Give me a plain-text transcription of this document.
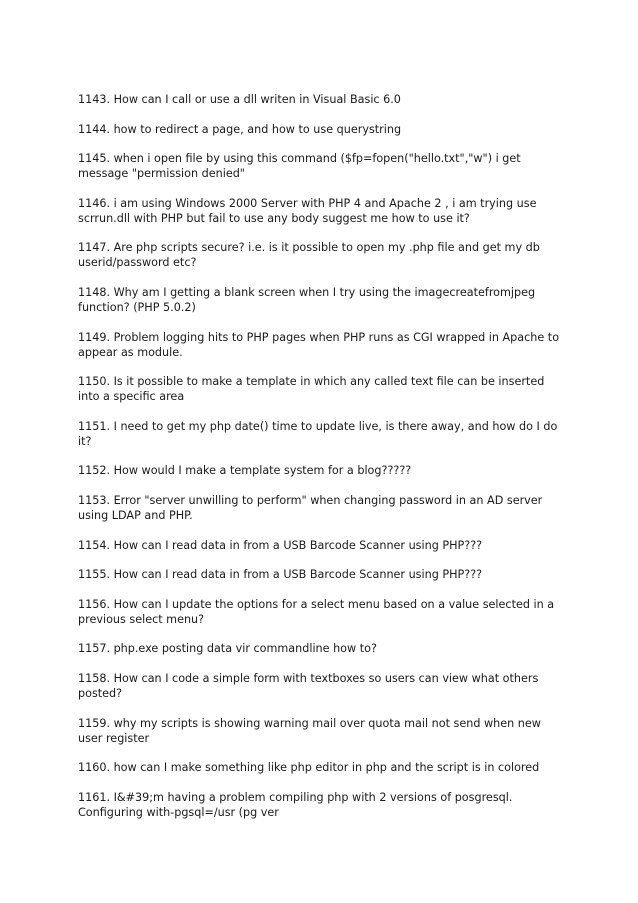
1143. How can I call or use a dll writen in Visual Basic 6.0
1144. how to redirect a page, and how to use querystring
1145. when i open file by using this command ($fp=fopen("hello.txt","w") i get message "permission denied"
1146. i am using Windows 2000 Server with PHP 4 and Apache 2 , i am trying use scrrun.dll with PHP but fail to use any body suggest me how to use it?
1147. Are php scripts secure? i.e. is it possible to open my .php file and get my db userid/password etc?
1148. Why am I getting a blank screen when I try using the imagecreatefromjpeg function? (PHP 5.0.2)
1149. Problem logging hits to PHP pages when PHP runs as CGI wrapped in Apache to appear as module.
1150. Is it possible to make a template in which any called text file can be inserted into a specific area
1151. I need to get my php date() time to update live, is there away, and how do I do it?
1152. How would I make a template system for a blog?????
1153. Error "server unwilling to perform" when changing password in an AD server using LDAP and PHP.
1154. How can I read data in from a USB Barcode Scanner using PHP???
1155. How can I read data in from a USB Barcode Scanner using PHP???
1156. How can I update the options for a select menu based on a value selected in a previous select menu?
1157. php.exe posting data vir commandline how to?
1158. How can I code a simple form with textboxes so users can view what others posted?
1159. why my scripts is showing warning mail over quota mail not send when new user register
1160. how can I make something like php editor in php and the script is in colored
1161. I&#39;m having a problem compiling php with 2 versions of posgresql. Configuring with-pgsql=/usr (pg ver
